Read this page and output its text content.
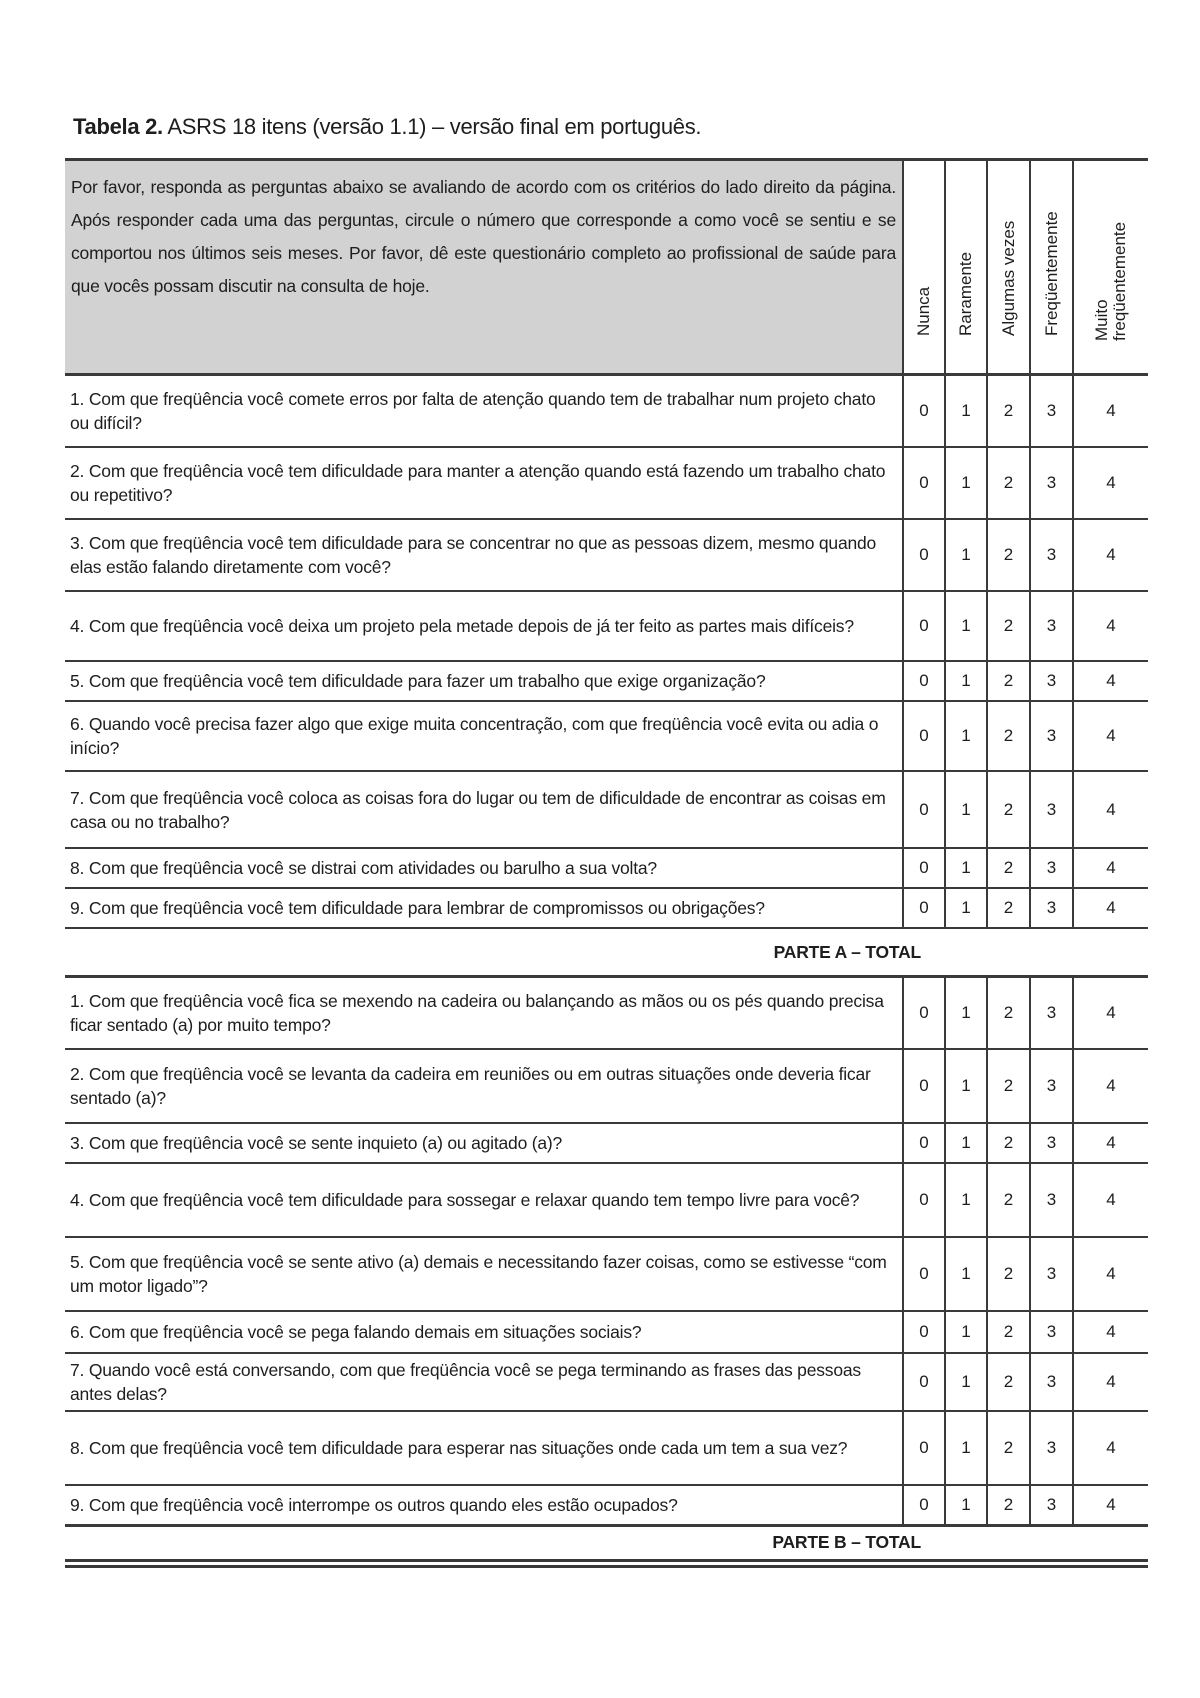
Tabela 2. ASRS 18 itens (versão 1.1) – versão final em português.
Por favor, responda as perguntas abaixo se avaliando de acordo com os critérios do lado direito da página. Após responder cada uma das perguntas, circule o número que corresponde a como você se sentiu e se comportou nos últimos seis meses. Por favor, dê este questionário completo ao profissional de saúde para que vocês possam discutir na consulta de hoje.	Nunca	Raramente	Algumas vezes	Freqüentemente	Muito freqüentemente

1. Com que freqüência você comete erros por falta de atenção quando tem de trabalhar num projeto chato ou difícil?	0	1	2	3	4
2. Com que freqüência você tem dificuldade para manter a atenção quando está fazendo um trabalho chato ou repetitivo?	0	1	2	3	4
3. Com que freqüência você tem dificuldade para se concentrar no que as pessoas dizem, mesmo quando elas estão falando diretamente com você?	0	1	2	3	4
4. Com que freqüência você deixa um projeto pela metade depois de já ter feito as partes mais difíceis?	0	1	2	3	4
5. Com que freqüência você tem dificuldade para fazer um trabalho que exige organização?	0	1	2	3	4
6. Quando você precisa fazer algo que exige muita concentração, com que freqüência você evita ou adia o início?	0	1	2	3	4
7. Com que freqüência você coloca as coisas fora do lugar ou tem de dificuldade de encontrar as coisas em casa ou no trabalho?	0	1	2	3	4
8. Com que freqüência você se distrai com atividades ou barulho a sua volta?	0	1	2	3	4
9. Com que freqüência você tem dificuldade para lembrar de compromissos ou obrigações?	0	1	2	3	4
PARTE A – TOTAL					
1. Com que freqüência você fica se mexendo na cadeira ou balançando as mãos ou os pés quando precisa ficar sentado (a) por muito tempo?	0	1	2	3	4
2. Com que freqüência você se levanta da cadeira em reuniões ou em outras situações onde deveria ficar sentado (a)?	0	1	2	3	4
3. Com que freqüência você se sente inquieto (a) ou agitado (a)?	0	1	2	3	4
4. Com que freqüência você tem dificuldade para sossegar e relaxar quando tem tempo livre para você?	0	1	2	3	4
5. Com que freqüência você se sente ativo (a) demais e necessitando fazer coisas, como se estivesse “com um motor ligado”?	0	1	2	3	4
6. Com que freqüência você se pega falando demais em situações sociais?	0	1	2	3	4
7. Quando você está conversando, com que freqüência você se pega terminando as frases das pessoas antes delas?	0	1	2	3	4
8. Com que freqüência você tem dificuldade para esperar nas situações onde cada um tem a sua vez?	0	1	2	3	4
9. Com que freqüência você interrompe os outros quando eles estão ocupados?	0	1	2	3	4
PARTE B – TOTAL					
